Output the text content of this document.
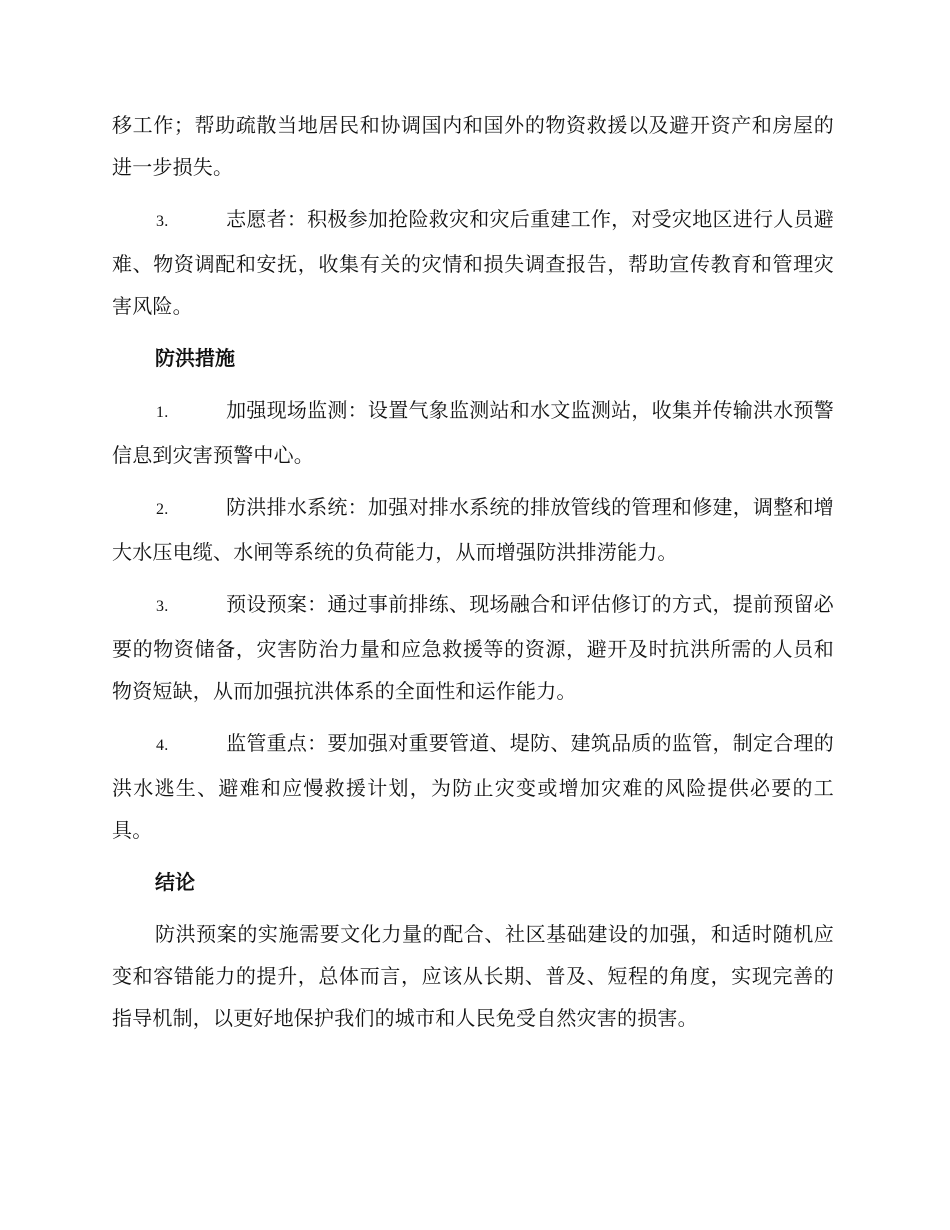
移工作；帮助疏散当地居民和协调国内和国外的物资救援以及避开资产和房屋的进一步损失。

3.	志愿者：积极参加抢险救灾和灾后重建工作，对受灾地区进行人员避难、物资调配和安抚，收集有关的灾情和损失调查报告，帮助宣传教育和管理灾害风险。

防洪措施

1.	加强现场监测：设置气象监测站和水文监测站，收集并传输洪水预警信息到灾害预警中心。

2.	防洪排水系统：加强对排水系统的排放管线的管理和修建，调整和增大水压电缆、水闸等系统的负荷能力，从而增强防洪排涝能力。

3.	预设预案：通过事前排练、现场融合和评估修订的方式，提前预留必要的物资储备，灾害防治力量和应急救援等的资源，避开及时抗洪所需的人员和物资短缺，从而加强抗洪体系的全面性和运作能力。

4.	监管重点：要加强对重要管道、堤防、建筑品质的监管，制定合理的洪水逃生、避难和应慢救援计划，为防止灾变或增加灾难的风险提供必要的工具。

结论

防洪预案的实施需要文化力量的配合、社区基础建设的加强，和适时随机应变和容错能力的提升，总体而言，应该从长期、普及、短程的角度，实现完善的指导机制，以更好地保护我们的城市和人民免受自然灾害的损害。
